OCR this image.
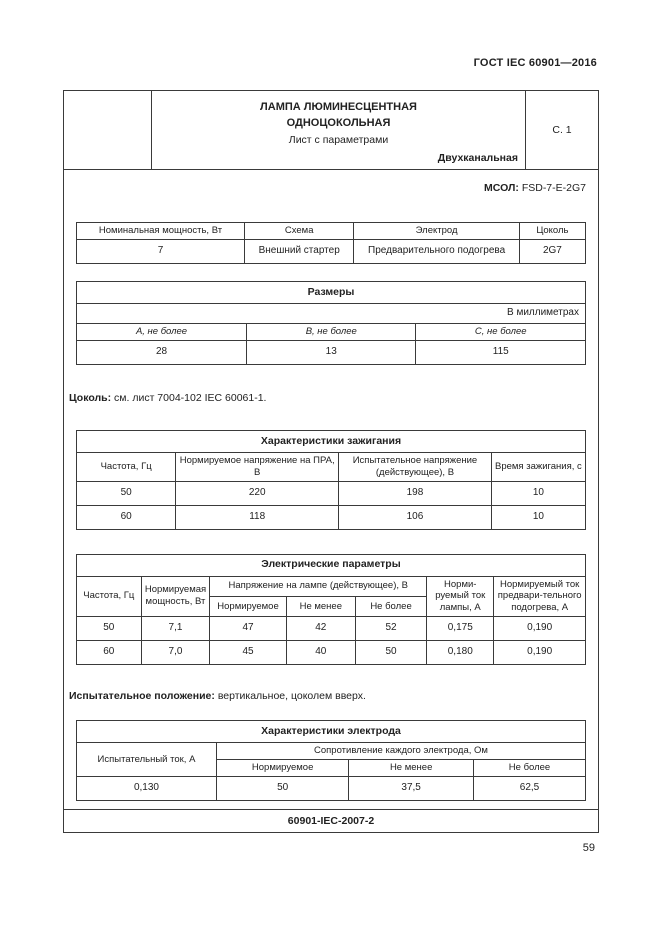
ГОСТ IEC 60901—2016
ЛАМПА ЛЮМИНЕСЦЕНТНАЯ
ОДНОЦОКОЛЬНАЯ
Лист с параметрами
Двухканальная
С. 1
МСОЛ: FSD-7-E-2G7
Номинальная мощность, Вт	Схема	Электрод	Цоколь
7	Внешний стартер	Предварительного подогрева	2G7
Размеры		
В миллиметрах		
A, не более	B, не более	C, не более
28	13	115
Цоколь: см. лист 7004-102 IEC 60061-1.
Характеристики зажигания			
Частота, Гц	Нормируемое напряжение на ПРА, В	Испытательное напряжение (действующее), В	Время зажигания, с
50	220	198	10
60	118	106	10
Электрические параметры						
Частота, Гц	Нормируемая мощность, Вт	Напряжение на лампе (действующее), В			Норми-руемый ток лампы, А	Нормируемый ток предвари-тельного подогрева, А
		Нормируемое	Не менее	Не более		
50	7,1	47	42	52	0,175	0,190
60	7,0	45	40	50	0,180	0,190
Испытательное положение: вертикальное, цоколем вверх.
Характеристики электрода			
Испытательный ток, А	Сопротивление каждого электрода, Ом		
	Нормируемое	Не менее	Не более
0,130	50	37,5	62,5
60901-IEC-2007-2
59
